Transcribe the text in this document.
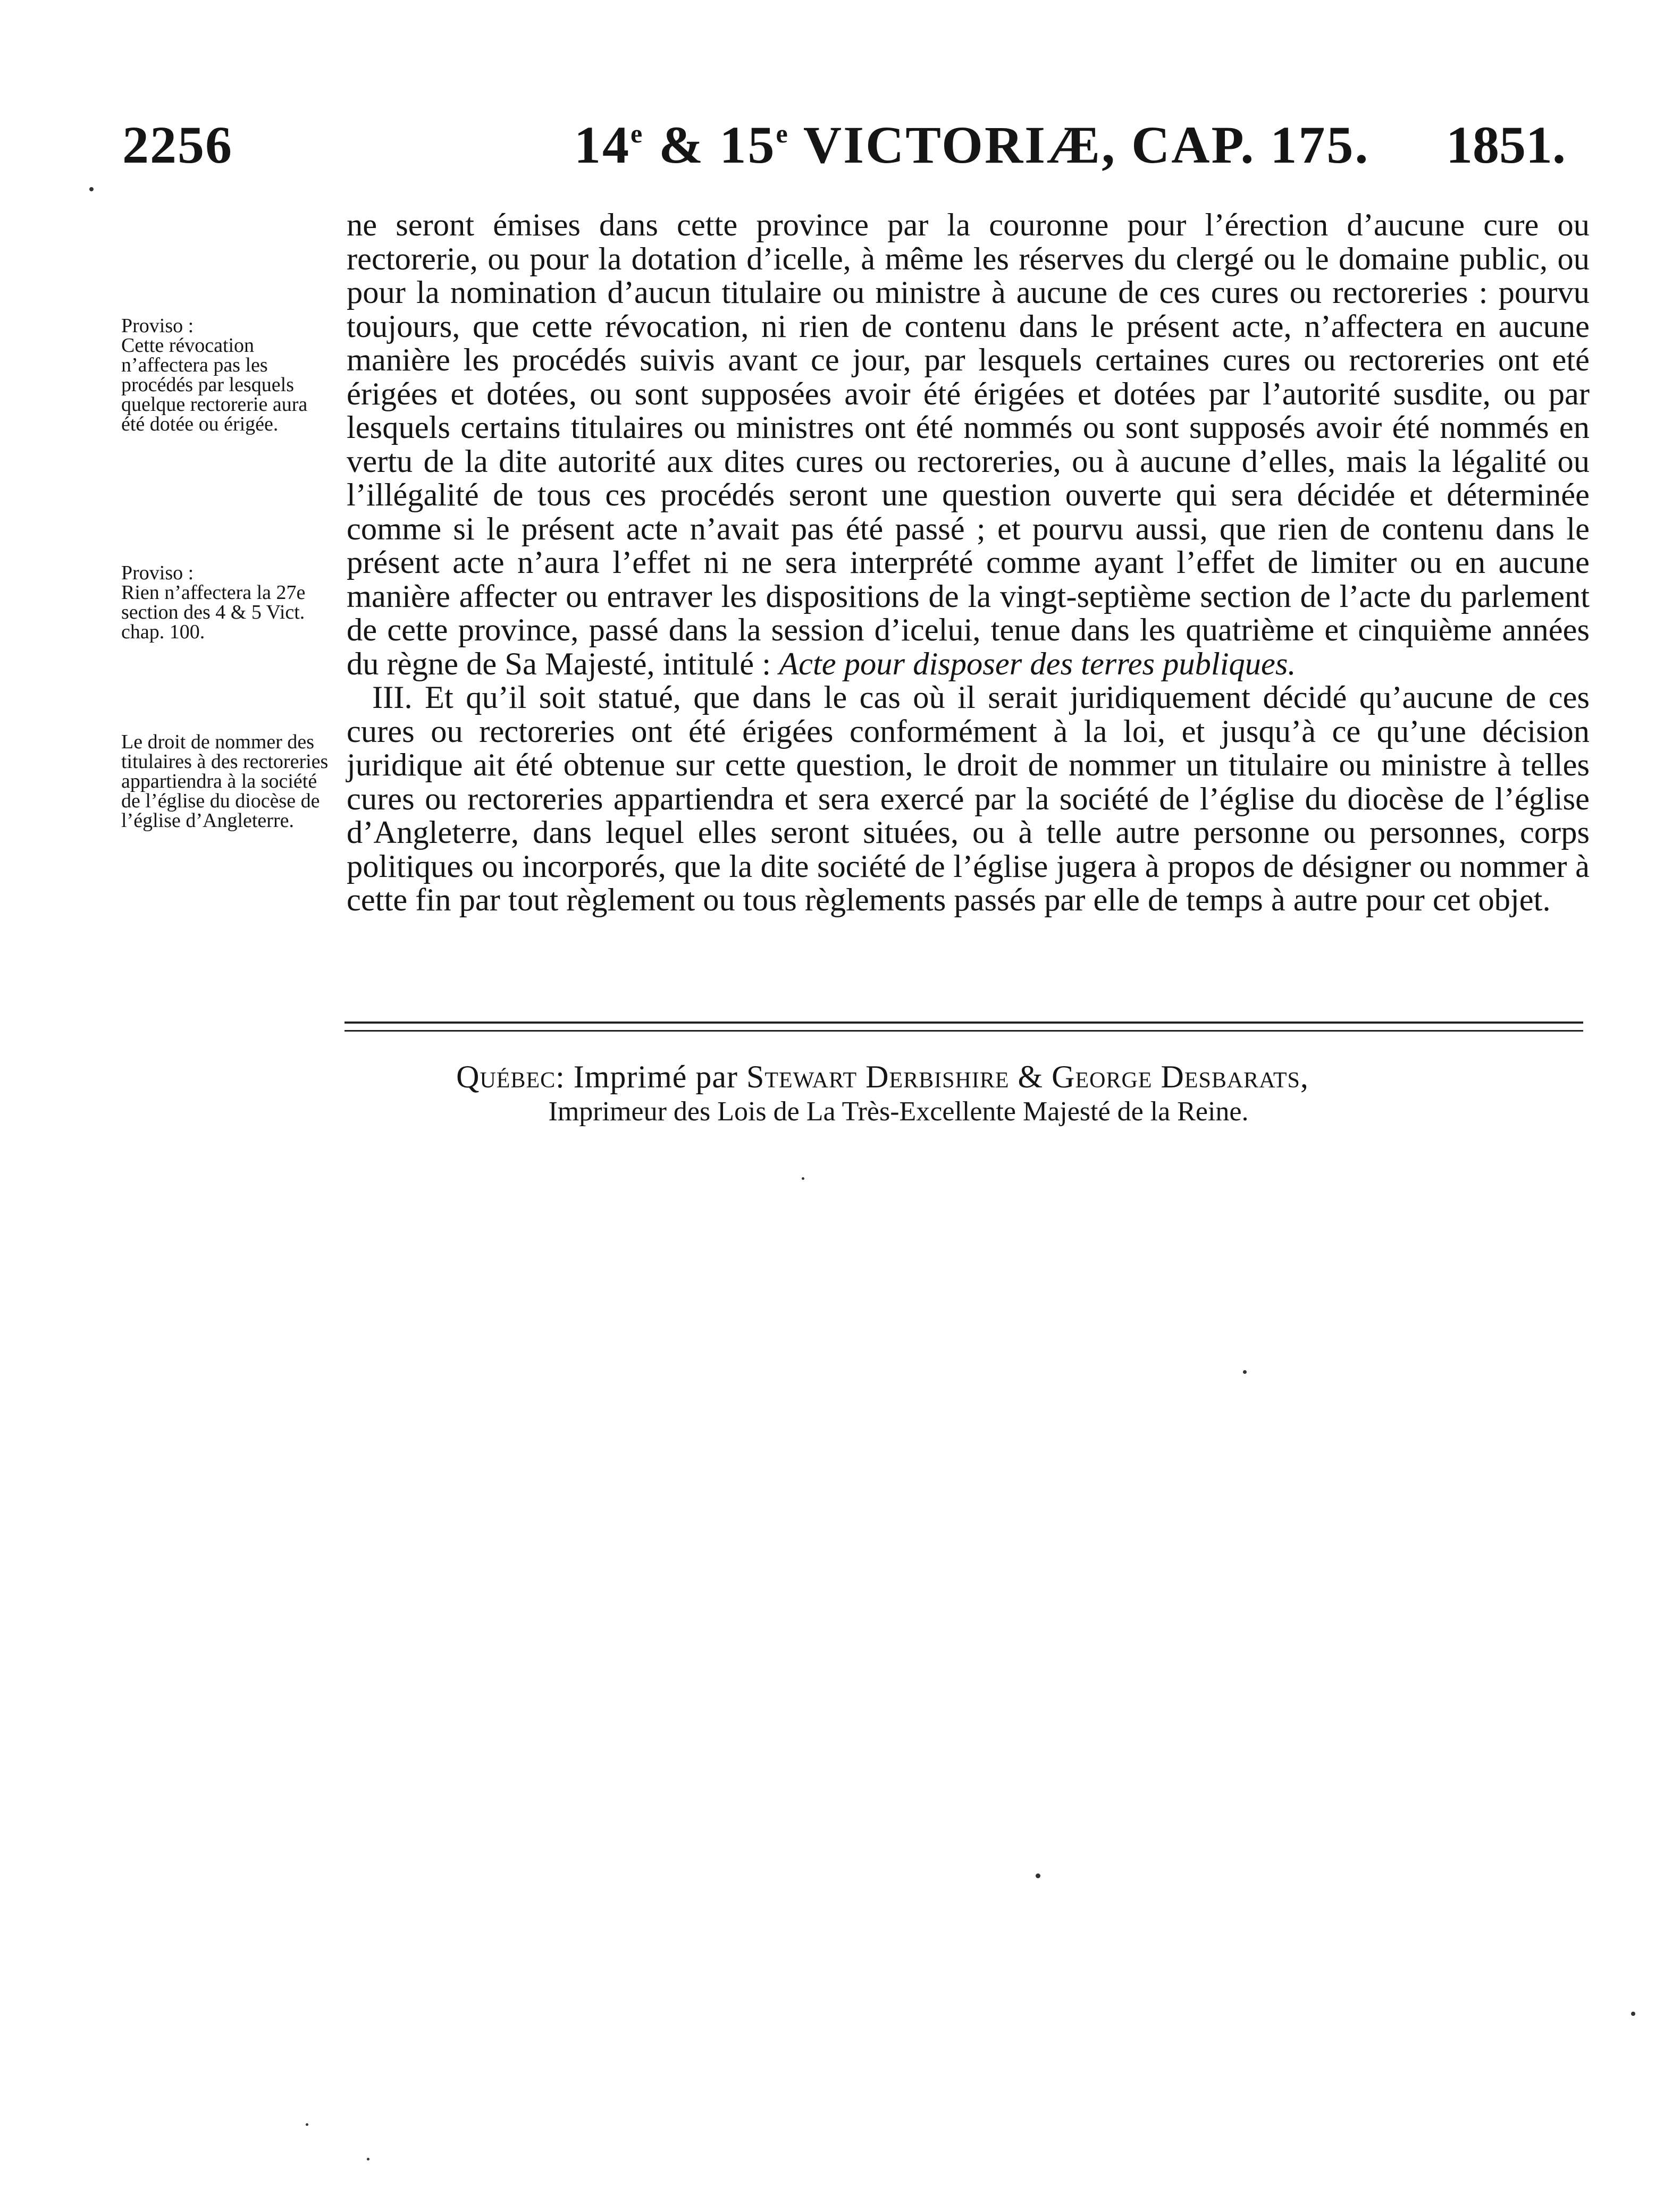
2256	14e & 15e VICTORIÆ, CAP. 175. 1851.
Proviso :
Cette révocation n’affectera pas les procédés par lesquels quelque rectorerie aura été dotée ou érigée.
Proviso :
Rien n’affectera la 27e section des 4 & 5 Vict. chap. 100.
Le droit de nommer des titulaires à des rectoreries appartiendra à la société de l’église du diocèse de l’église d’Angleterre.

ne seront émises dans cette province par la couronne pour l’érection d’aucune cure ou rectorerie, ou pour la dotation d’icelle, à même les réserves du clergé ou le domaine public, ou pour la nomination d’aucun titulaire ou ministre à aucune de ces cures ou rectoreries : pourvu toujours, que cette révocation, ni rien de contenu dans le présent acte, n’affectera en aucune manière les procédés suivis avant ce jour, par lesquels certaines cures ou rectoreries ont eté érigées et dotées, ou sont supposées avoir été érigées et dotées par l’autorité susdite, ou par lesquels certains titulaires ou ministres ont été nommés ou sont supposés avoir été nommés en vertu de la dite autorité aux dites cures ou rectoreries, ou à aucune d’elles, mais la légalité ou l’illégalité de tous ces procédés seront une question ouverte qui sera décidée et déterminée comme si le présent acte n’avait pas été passé ; et pourvu aussi, que rien de contenu dans le présent acte n’aura l’effet ni ne sera interprété comme ayant l’effet de limiter ou en aucune manière affecter ou entraver les dispositions de la vingt-septième section de l’acte du parlement de cette province, passé dans la session d’icelui, tenue dans les quatrième et cinquième années du règne de Sa Majesté, intitulé : Acte pour disposer des terres publiques.

III. Et qu’il soit statué, que dans le cas où il serait juridiquement décidé qu’aucune de ces cures ou rectoreries ont été érigées conformément à la loi, et jusqu’à ce qu’une décision juridique ait été obtenue sur cette question, le droit de nommer un titulaire ou ministre à telles cures ou rectoreries appartiendra et sera exercé par la société de l’église du diocèse de l’église d’Angleterre, dans lequel elles seront situées, ou à telle autre personne ou personnes, corps politiques ou incorporés, que la dite société de l’église jugera à propos de désigner ou nommer à cette fin par tout règlement ou tous règlements passés par elle de temps à autre pour cet objet.

Québec: Imprimé par Stewart Derbishire & George Desbarats,
Imprimeur des Lois de La Très-Excellente Majesté de la Reine.
